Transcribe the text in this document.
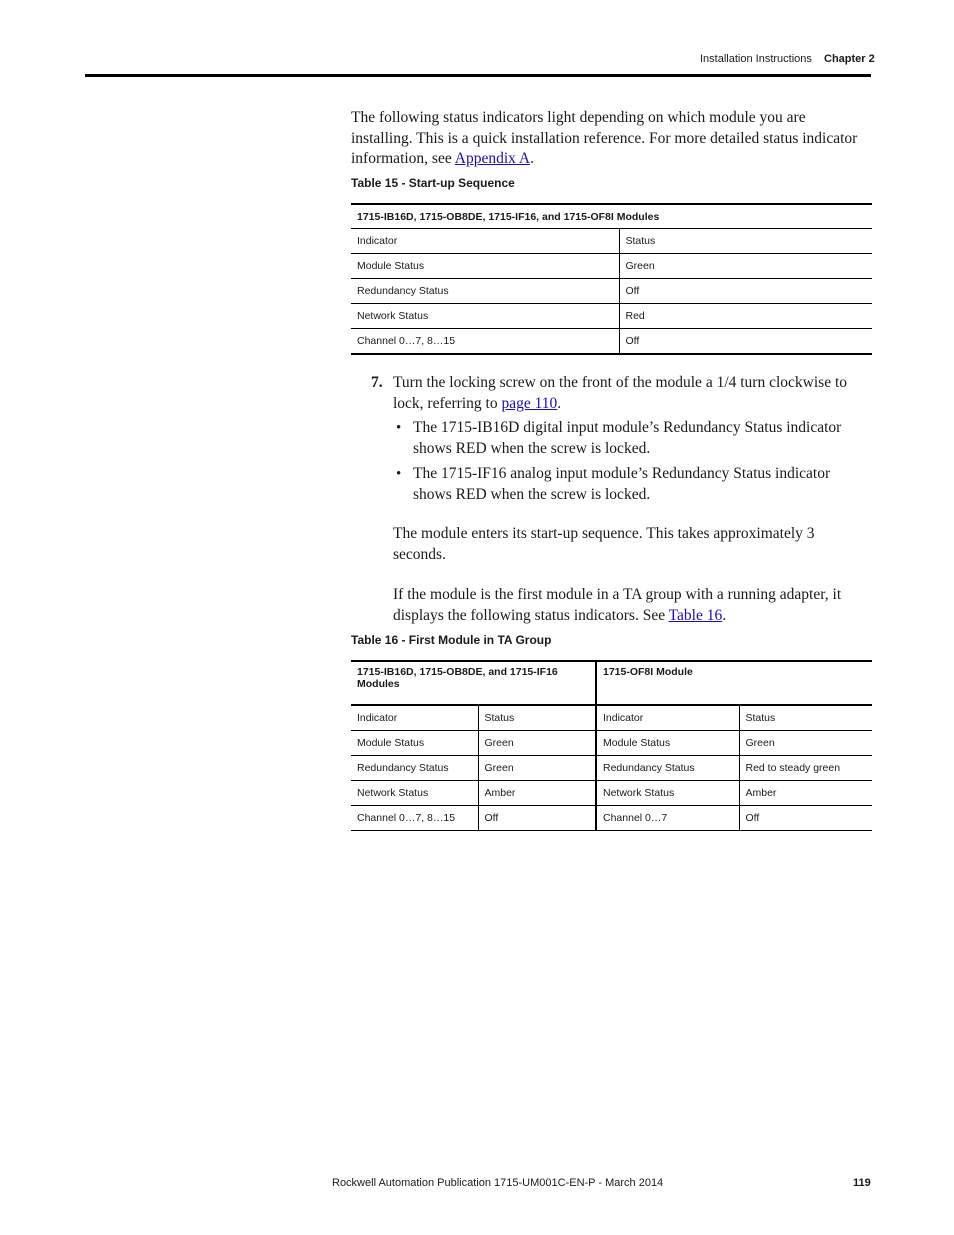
Installation Instructions Chapter 2
The following status indicators light depending on which module you are
installing. This is a quick installation reference. For more detailed status indicator
information, see Appendix A.
Table 15 - Start-up Sequence
1715-IB16D, 1715-OB8DE, 1715-IF16, and 1715-OF8I Modules	
Indicator	Status
Module Status	Green
Redundancy Status	Off
Network Status	Red
Channel 0…7, 8…15	Off
7. Turn the locking screw on the front of the module a 1/4 turn clockwise to
lock, referring to page 110.
• The 1715-IB16D digital input module’s Redundancy Status indicator
shows RED when the screw is locked.
• The 1715-IF16 analog input module’s Redundancy Status indicator
shows RED when the screw is locked.
The module enters its start-up sequence. This takes approximately 3
seconds.
If the module is the first module in a TA group with a running adapter, it
displays the following status indicators. See Table 16.
Table 16 - First Module in TA Group
1715-IB16D, 1715-OB8DE, and 1715-IF16
Modules		1715-OF8I Module	
Indicator	Status	Indicator	Status
Module Status	Green	Module Status	Green
Redundancy Status	Green	Redundancy Status	Red to steady green
Network Status	Amber	Network Status	Amber
Channel 0…7, 8…15	Off	Channel 0…7	Off
Rockwell Automation Publication 1715-UM001C-EN-P - March 2014	119
